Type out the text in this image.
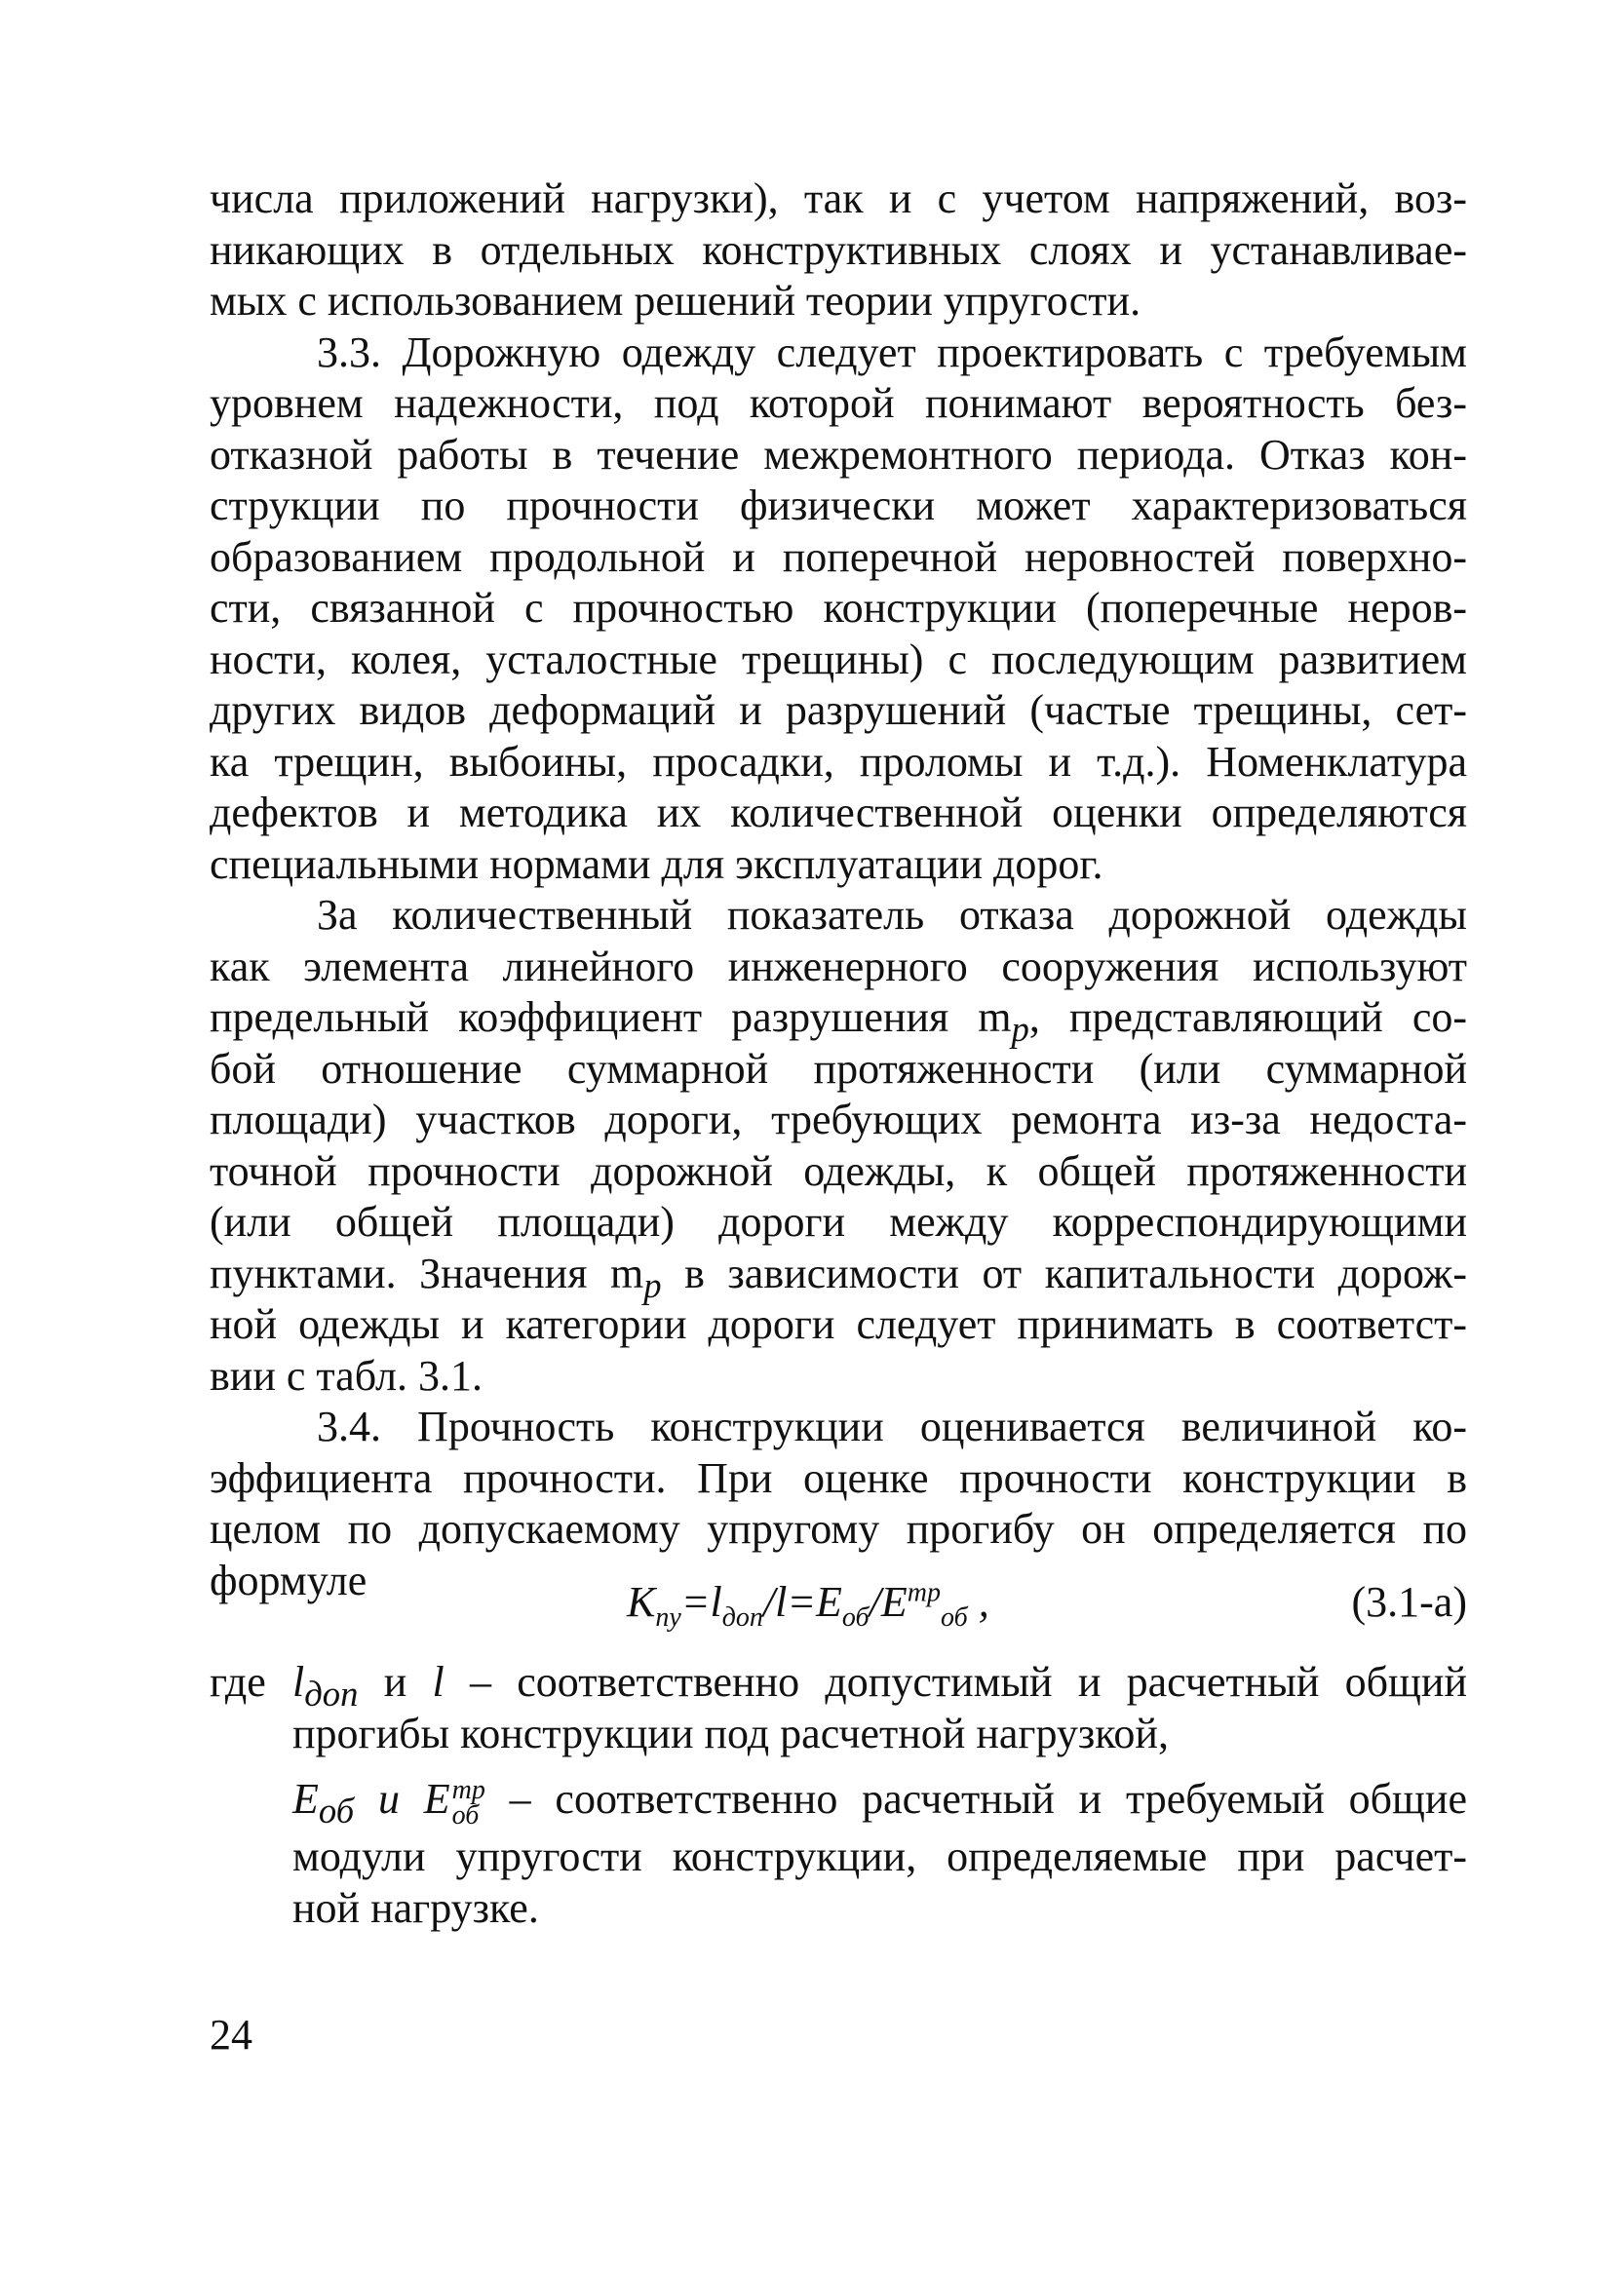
числа приложений нагрузки), так и с учетом напряжений, воз-
никающих в отдельных конструктивных слоях и устанавливае-
мых с использованием решений теории упругости.
3.3. Дорожную одежду следует проектировать с требуемым
уровнем надежности, под которой понимают вероятность без-
отказной работы в течение межремонтного периода. Отказ кон-
струкции по прочности физически может характеризоваться
образованием продольной и поперечной неровностей поверхно-
сти, связанной с прочностью конструкции (поперечные неров-
ности, колея, усталостные трещины) с последующим развитием
других видов деформаций и разрушений (частые трещины, сет-
ка трещин, выбоины, просадки, проломы и т.д.). Номенклатура
дефектов и методика их количественной оценки определяются
специальными нормами для эксплуатации дорог.
За количественный показатель отказа дорожной одежды
как элемента линейного инженерного сооружения используют
предельный коэффициент разрушения $m_p$, представляющий со-
бой отношение суммарной протяженности (или суммарной
площади) участков дороги, требующих ремонта из-за недоста-
точной прочности дорожной одежды, к общей протяженности
(или общей площади) дороги между корреспондирующими
пунктами. Значения $m_p$ в зависимости от капитальности дорож-
ной одежды и категории дороги следует принимать в соответст-
вии с табл. 3.1.
3.4. Прочность конструкции оценивается величиной ко-
эффициента прочности. При оценке прочности конструкции в
целом по допускаемому упругому прогибу он определяется по
формуле	$K_{пу}=l_{доп}/l=E_{об}/E^{тр}_{об}$ ,	(3.1-а)
где $l_{доп}$ и l – соответственно допустимый и расчетный общий
прогибы конструкции под расчетной нагрузкой,
$E_{об}$ и E тр
об – соответственно расчетный и требуемый общие
модули упругости конструкции, определяемые при расчет-
ной нагрузке.
24
